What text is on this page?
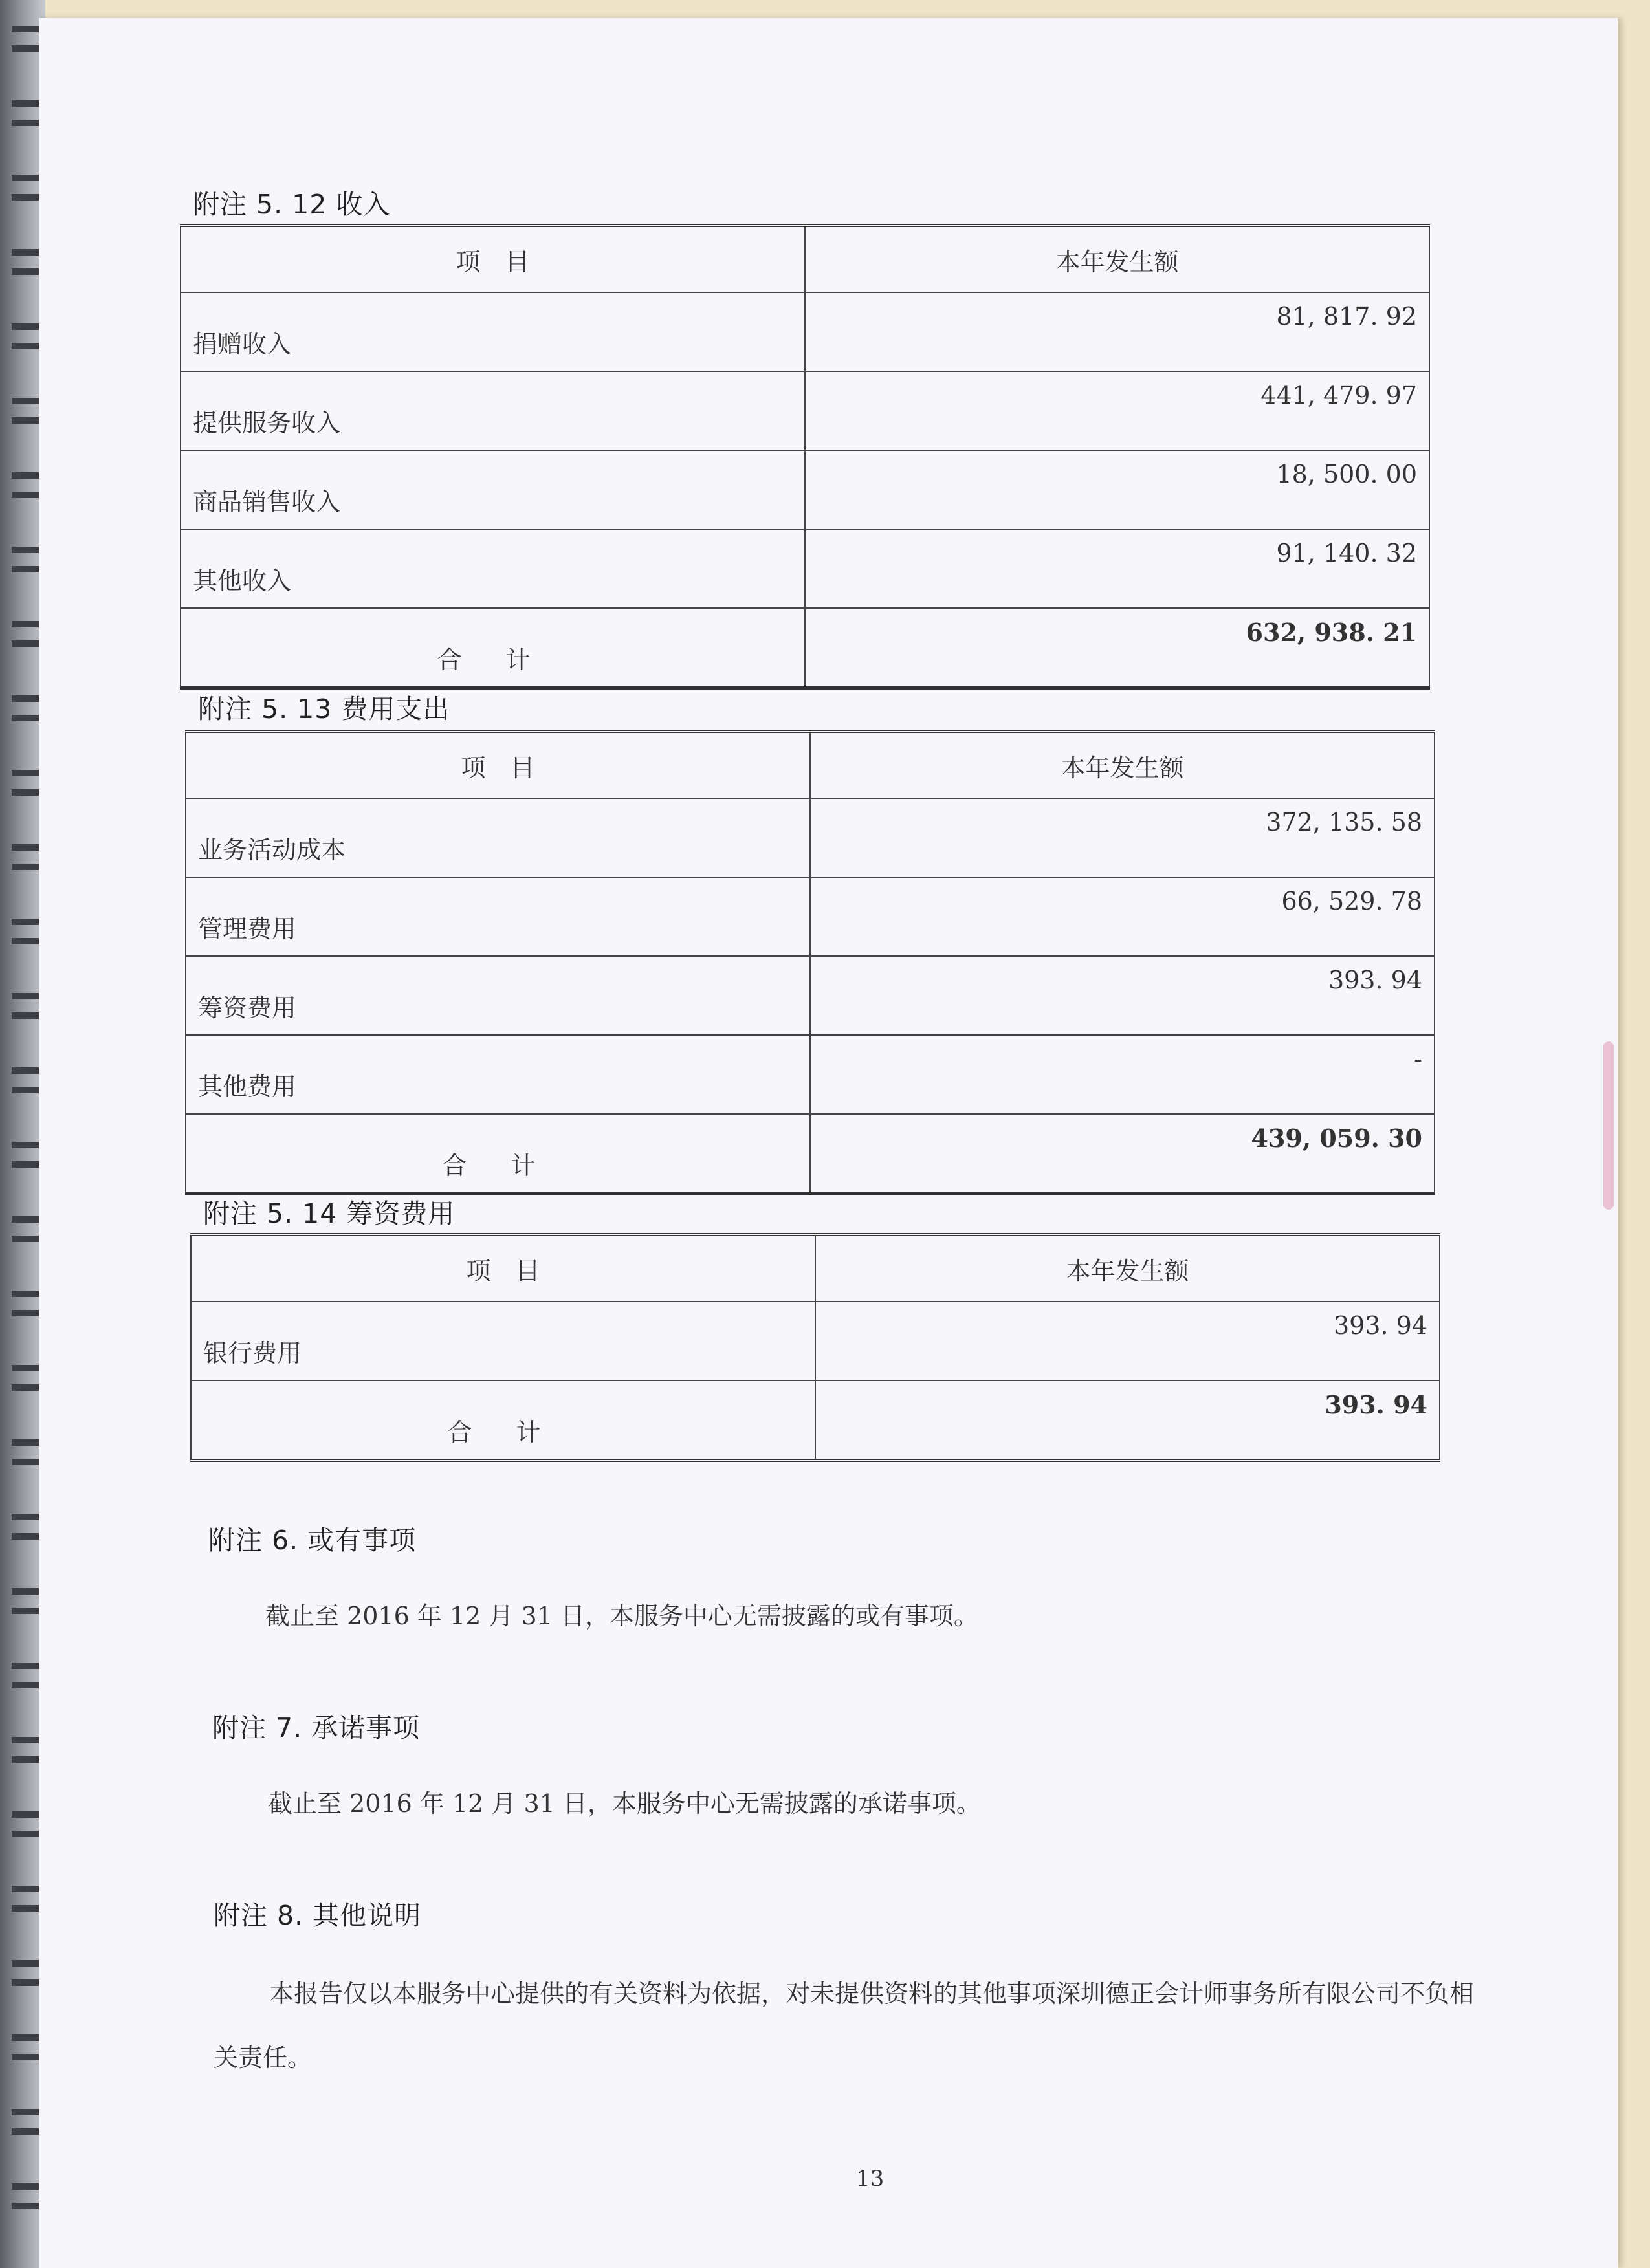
附注 5. 12 收入
项　目	本年发生额
捐赠收入	81, 817. 92
提供服务收入	441, 479. 97
商品销售收入	18, 500. 00
其他收入	91, 140. 32
合 计	632, 938. 21
附注 5. 13 费用支出
项　目	本年发生额
业务活动成本	372, 135. 58
管理费用	66, 529. 78
筹资费用	393. 94
其他费用	-
合 计	439, 059. 30
附注 5. 14 筹资费用
项　目	本年发生额
银行费用	393. 94
合 计	393. 94
附注 6. 或有事项
截止至 2016 年 12 月 31 日，本服务中心无需披露的或有事项。
附注 7. 承诺事项
截止至 2016 年 12 月 31 日，本服务中心无需披露的承诺事项。
附注 8. 其他说明
本报告仅以本服务中心提供的有关资料为依据，对未提供资料的其他事项深圳德正会计师事务所有限公司不负相关责任。
13
